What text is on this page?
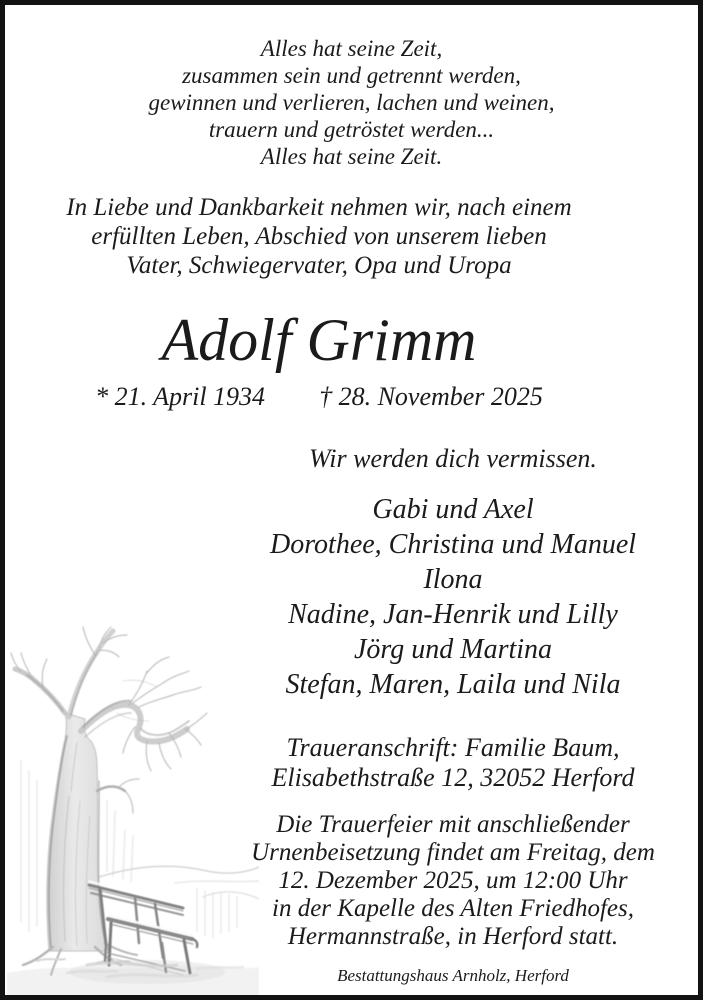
Alles hat seine Zeit,
zusammen sein und getrennt werden,
gewinnen und verlieren, lachen und weinen,
trauern und getröstet werden...
Alles hat seine Zeit.
In Liebe und Dankbarkeit nehmen wir, nach einem
erfüllten Leben, Abschied von unserem lieben
Vater, Schwiegervater, Opa und Uropa
Adolf Grimm
* 21. April 1934 † 28. November 2025
Wir werden dich vermissen.
Gabi und Axel
Dorothee, Christina und Manuel
Ilona
Nadine, Jan-Henrik und Lilly
Jörg und Martina
Stefan, Maren, Laila und Nila
Traueranschrift: Familie Baum,
Elisabethstraße 12, 32052 Herford
Die Trauerfeier mit anschließender
Urnenbeisetzung findet am Freitag, dem
12. Dezember 2025, um 12:00 Uhr
in der Kapelle des Alten Friedhofes,
Hermannstraße, in Herford statt.
Bestattungshaus Arnholz, Herford
